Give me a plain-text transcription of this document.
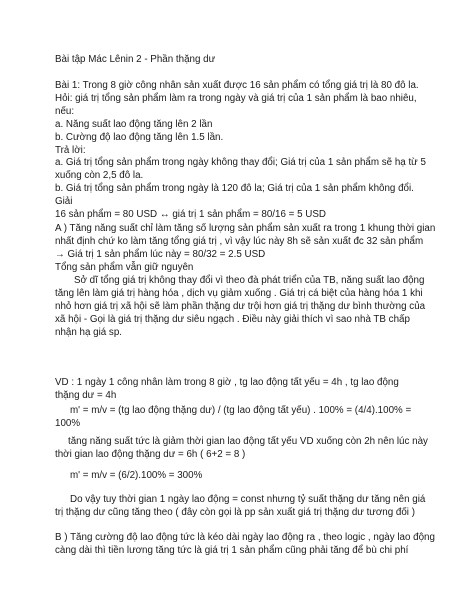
Bài tập Mác Lênin 2 - Phần thặng dư

Bài 1: Trong 8 giờ công nhân sản xuất được 16 sản phẩm có tổng giá trị là 80 đô la.

Hỏi: giá trị tổng sản phẩm làm ra trong ngày và giá trị của 1 sản phẩm là bao nhiêu,

nếu:

a. Năng suất lao động tăng lên 2 lần

b. Cường độ lao động tăng lên 1.5 lần.

Trả lời:

a. Giá trị tổng sản phẩm trong ngày không thay đổi; Giá trị của 1 sản phẩm sẽ hạ từ 5

xuống còn 2,5 đô la.

b. Giá trị tổng sản phẩm trong ngày là 120 đô la; Giá trị của 1 sản phẩm không đổi.

Giải

16 sản phẩm = 80 USD ↔ giá trị 1 sản phẩm = 80/16 = 5 USD

A ) Tăng năng suất chỉ làm tăng số lượng sản phẩm sản xuất ra trong 1 khung thời gian

nhất định chứ ko làm tăng tổng giá trị , vì vậy lúc này 8h sẽ sản xuất đc 32 sản phẩm

→ Giá trị 1 sản phẩm lúc này = 80/32 = 2.5 USD

Tổng sản phẩm vẫn giữ nguyên

Sở dĩ tổng giá trị không thay đổi vì theo đà phát triển của TB, năng suất lao động

tăng lên làm giá trị hàng hóa , dịch vụ giảm xuống . Giá trị cá biệt của hàng hóa 1 khi

nhỏ hơn giá trị xã hội sẽ làm phần thặng dư trội hơn giá trị thặng dư bình thường của

xã hội - Gọi là giá trị thặng dư siêu ngạch . Điều này giải thích vì sao nhà TB chấp

nhận hạ giá sp.

VD : 1 ngày 1 công nhân làm trong 8 giờ , tg lao động tất yếu = 4h , tg lao động

thặng dư = 4h

m' = m/v = (tg lao động thặng dư) / (tg lao động tất yếu) . 100% = (4/4).100% =

100%

tăng năng suất tức là giảm thời gian lao động tất yếu VD xuống còn 2h nên lúc này

thời gian lao động thặng dư = 6h ( 6+2 = 8 )

m' = m/v = (6/2).100% = 300%

Do vậy tuy thời gian 1 ngày lao động = const nhưng tỷ suất thặng dư tăng nên giá

trị thặng dư cũng tăng theo ( đây còn gọi là pp sản xuất giá trị thặng dư tương đối )

B ) Tăng cường độ lao động tức là kéo dài ngày lao động ra , theo logic , ngày lao động

càng dài thì tiền lương tăng tức là giá trị 1 sản phẩm cũng phải tăng để bù chi phí
